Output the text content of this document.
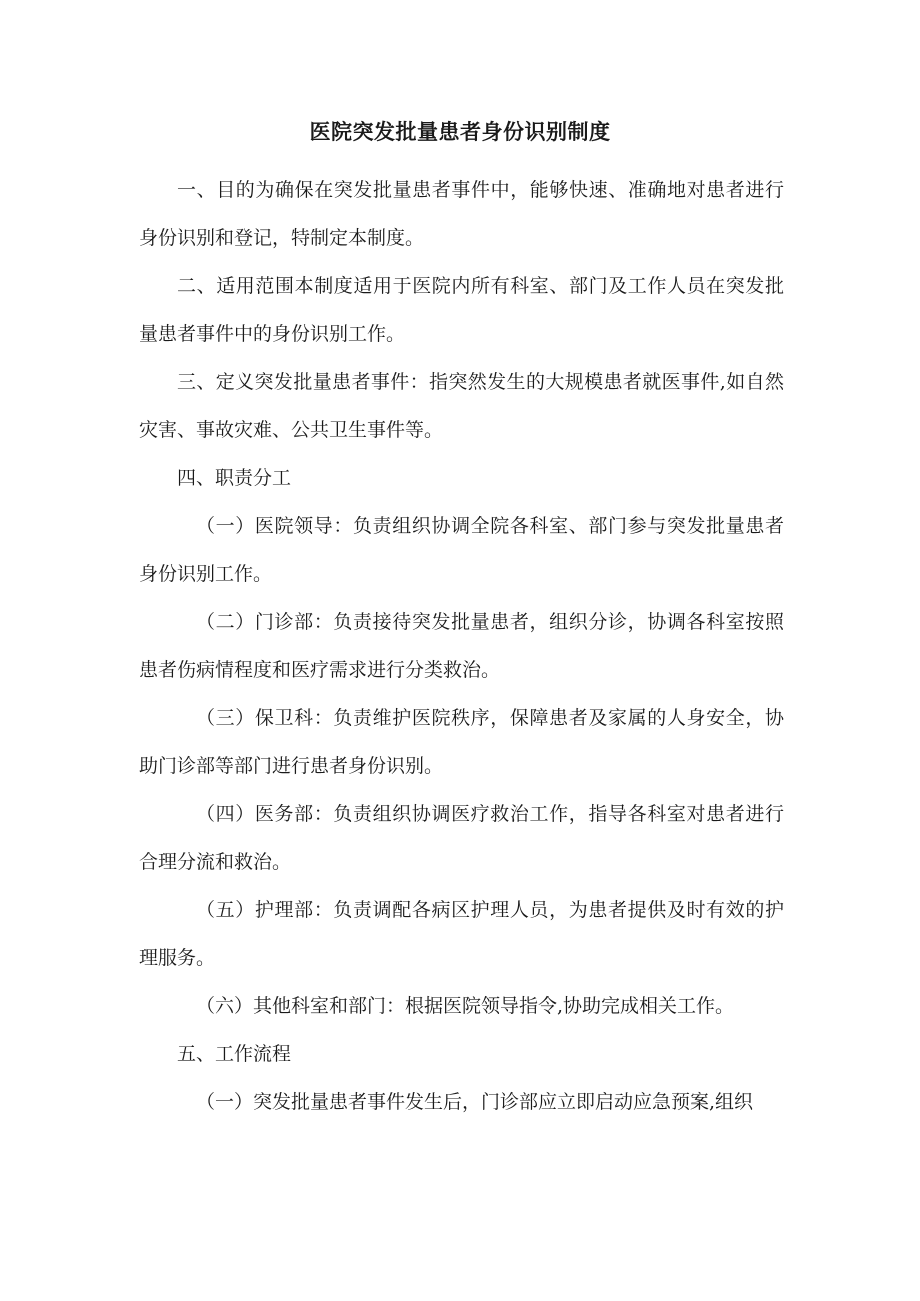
医院突发批量患者身份识别制度

一、目的为确保在突发批量患者事件中，能够快速、准确地对患者进行身份识别和登记，特制定本制度。

二、适用范围本制度适用于医院内所有科室、部门及工作人员在突发批量患者事件中的身份识别工作。

三、定义突发批量患者事件：指突然发生的大规模患者就医事件,如自然灾害、事故灾难、公共卫生事件等。

四、职责分工

（一）医院领导：负责组织协调全院各科室、部门参与突发批量患者身份识别工作。

（二）门诊部：负责接待突发批量患者，组织分诊，协调各科室按照患者伤病情程度和医疗需求进行分类救治。

（三）保卫科：负责维护医院秩序，保障患者及家属的人身安全，协助门诊部等部门进行患者身份识别。

（四）医务部：负责组织协调医疗救治工作，指导各科室对患者进行合理分流和救治。

（五）护理部：负责调配各病区护理人员，为患者提供及时有效的护理服务。

（六）其他科室和部门：根据医院领导指令,协助完成相关工作。

五、工作流程

（一）突发批量患者事件发生后，门诊部应立即启动应急预案,组织
